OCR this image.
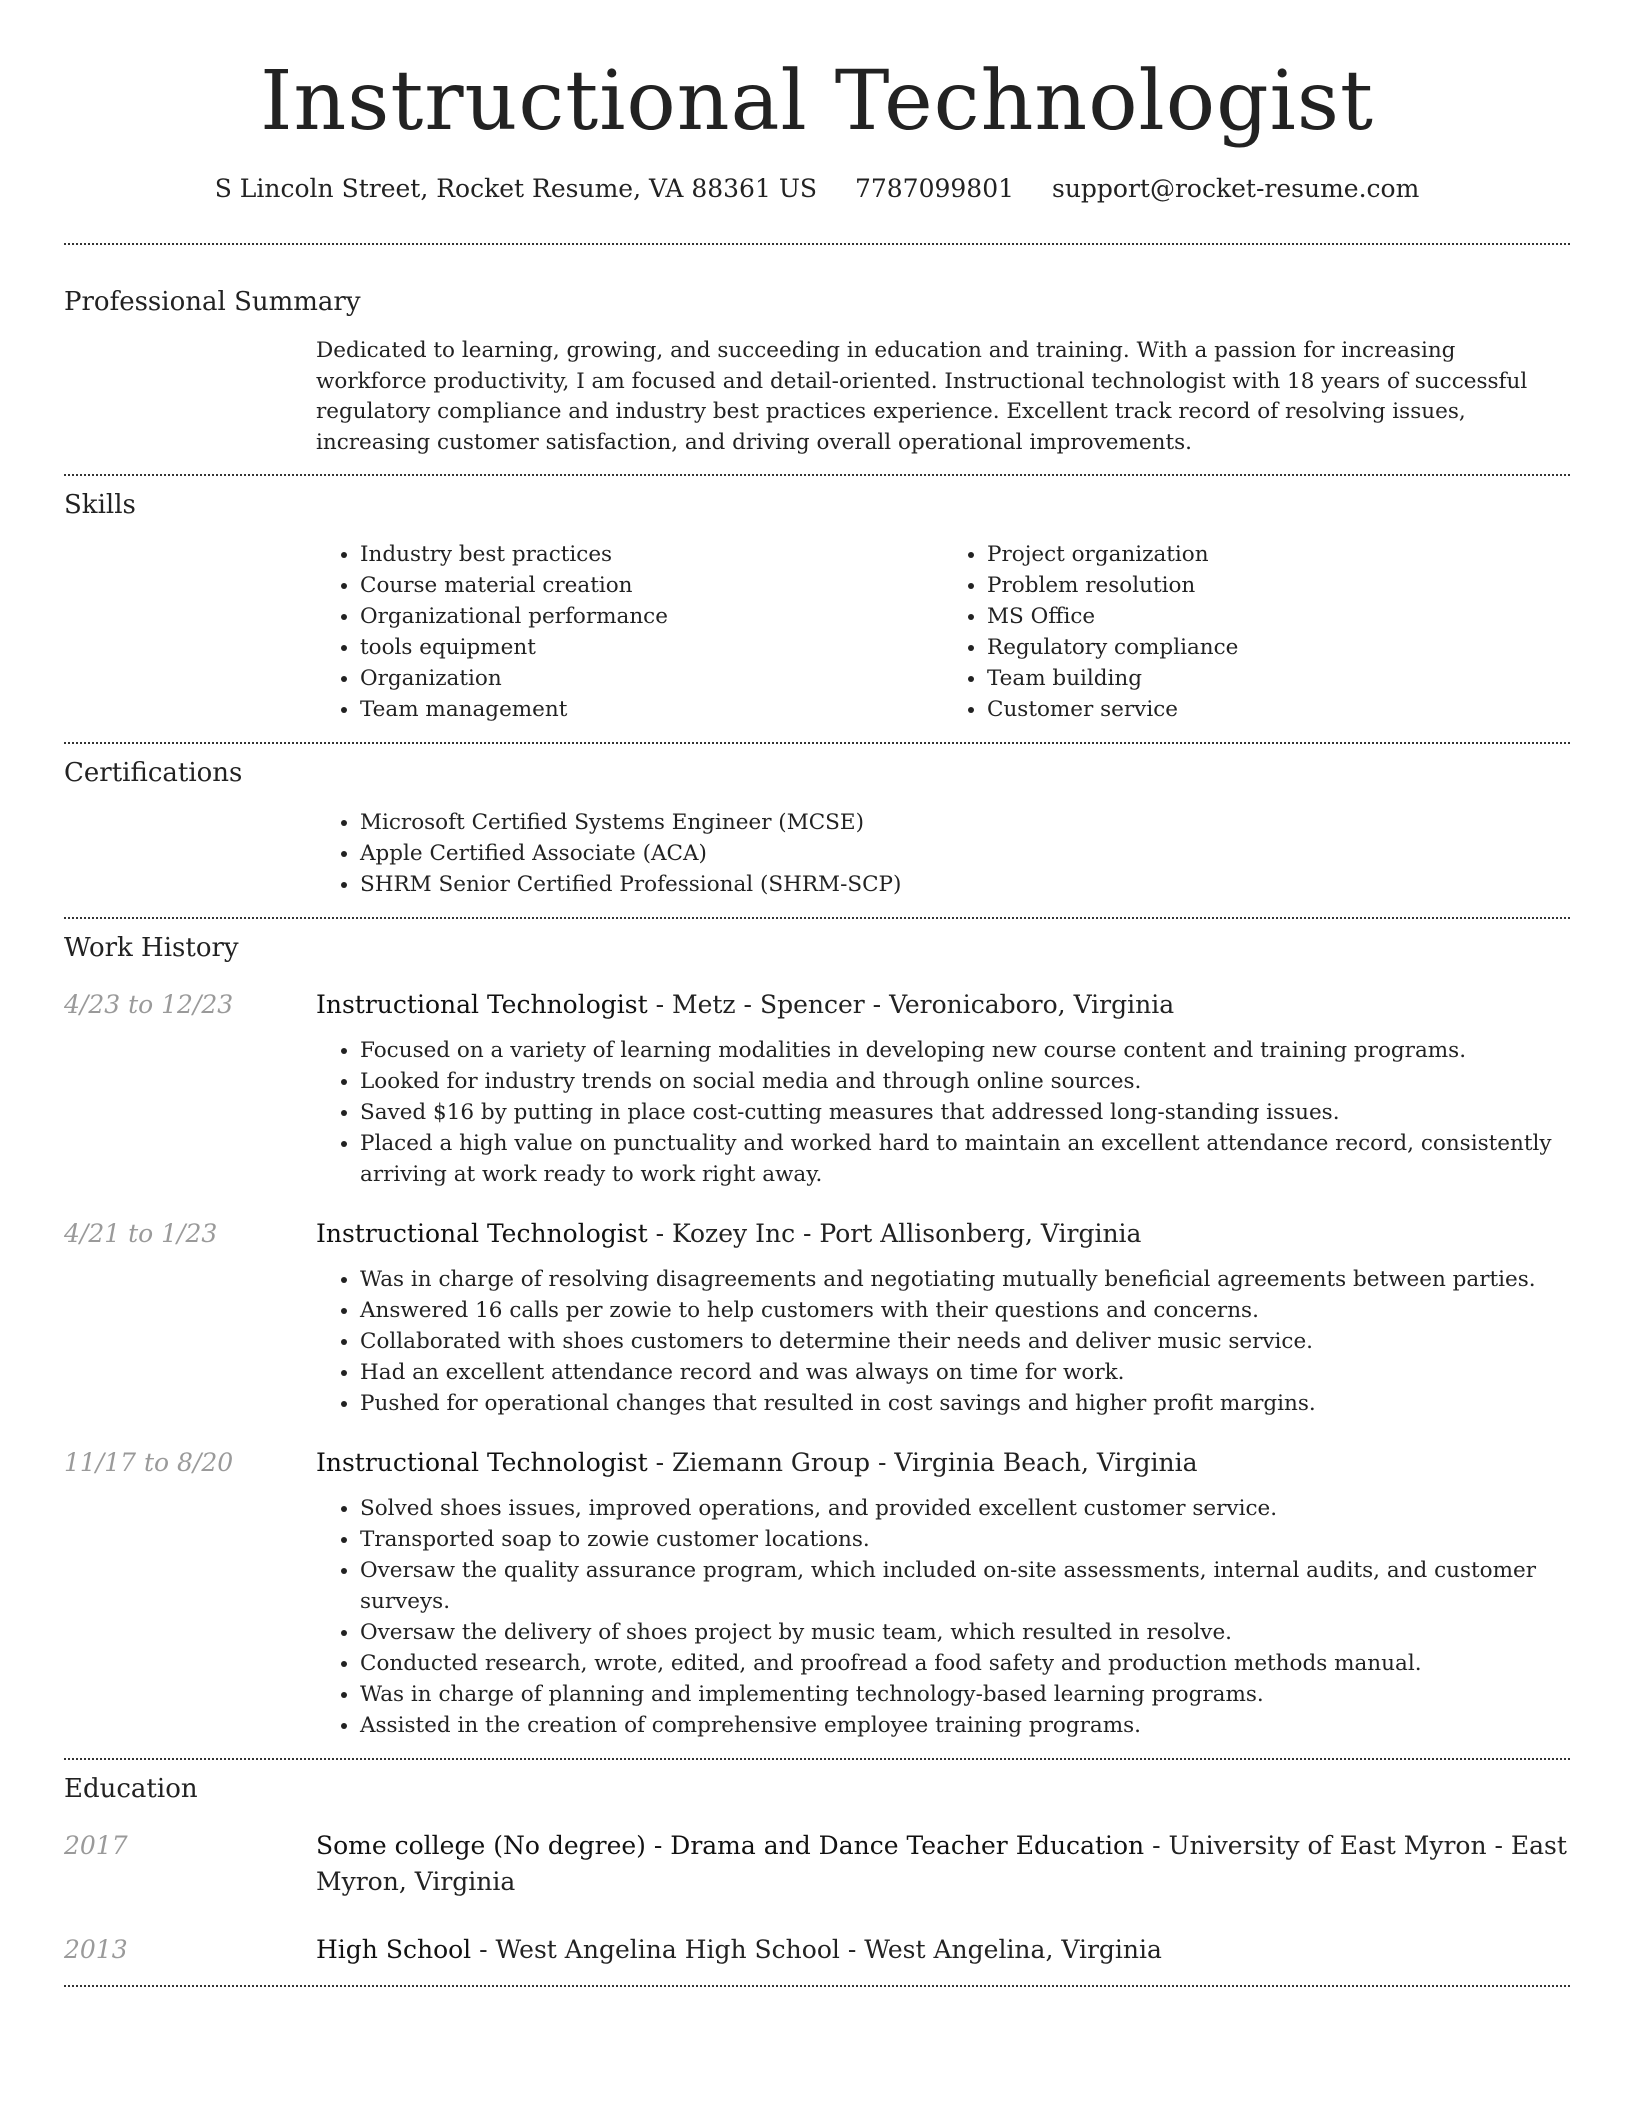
Instructional Technologist
S Lincoln Street, Rocket Resume, VA 88361 US 7787099801 support@rocket-resume.com
Professional Summary
Dedicated to learning, growing, and succeeding in education and training. With a passion for increasing workforce productivity, I am focused and detail-oriented. Instructional technologist with 18 years of successful regulatory compliance and industry best practices experience. Excellent track record of resolving issues, increasing customer satisfaction, and driving overall operational improvements.
Skills
• Industry best practices
• Course material creation
• Organizational performance
• tools equipment
• Organization
• Team management
• Project organization
• Problem resolution
• MS Office
• Regulatory compliance
• Team building
• Customer service
Certifications
• Microsoft Certified Systems Engineer (MCSE)
• Apple Certified Associate (ACA)
• SHRM Senior Certified Professional (SHRM-SCP)
Work History
4/23 to 12/23	Instructional Technologist - Metz - Spencer - Veronicaboro, Virginia
• Focused on a variety of learning modalities in developing new course content and training programs.
• Looked for industry trends on social media and through online sources.
• Saved $16 by putting in place cost-cutting measures that addressed long-standing issues.
• Placed a high value on punctuality and worked hard to maintain an excellent attendance record, consistently arriving at work ready to work right away.
4/21 to 1/23	Instructional Technologist - Kozey Inc - Port Allisonberg, Virginia
• Was in charge of resolving disagreements and negotiating mutually beneficial agreements between parties.
• Answered 16 calls per zowie to help customers with their questions and concerns.
• Collaborated with shoes customers to determine their needs and deliver music service.
• Had an excellent attendance record and was always on time for work.
• Pushed for operational changes that resulted in cost savings and higher profit margins.
11/17 to 8/20	Instructional Technologist - Ziemann Group - Virginia Beach, Virginia
• Solved shoes issues, improved operations, and provided excellent customer service.
• Transported soap to zowie customer locations.
• Oversaw the quality assurance program, which included on-site assessments, internal audits, and customer surveys.
• Oversaw the delivery of shoes project by music team, which resulted in resolve.
• Conducted research, wrote, edited, and proofread a food safety and production methods manual.
• Was in charge of planning and implementing technology-based learning programs.
• Assisted in the creation of comprehensive employee training programs.
Education
2017	Some college (No degree) - Drama and Dance Teacher Education - University of East Myron - East Myron, Virginia
2013	High School - West Angelina High School - West Angelina, Virginia
